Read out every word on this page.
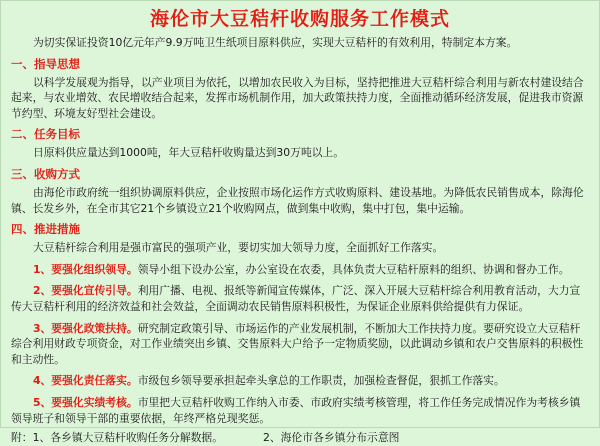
海伦市大豆秸杆收购服务工作模式

为切实保证投资10亿元年产9.9万吨卫生纸项目原料供应，实现大豆秸杆的有效利用，特制定本方案。

一、指导思想

以科学发展观为指导，以产业项目为依托，以增加农民收入为目标，坚持把推进大豆秸杆综合利用与新农村建设结合起来，与农业增效、农民增收结合起来，发挥市场机制作用，加大政策扶持力度，全面推动循环经济发展，促进我市资源节约型、环境友好型社会建设。

二、任务目标

日原料供应量达到1000吨，年大豆秸杆收购量达到30万吨以上。

三、收购方式

由海伦市政府统一组织协调原料供应，企业按照市场化运作方式收购原料、建设基地。为降低农民销售成本，除海伦镇、长发乡外，在全市其它21个乡镇设立21个收购网点，做到集中收购，集中打包，集中运输。

四、推进措施

大豆秸杆综合利用是强市富民的强项产业，要切实加大领导力度，全面抓好工作落实。

1、要强化组织领导。领导小组下设办公室，办公室设在农委，具体负责大豆秸杆原料的组织、协调和督办工作。

2、要强化宣传引导。利用广播、电视、报纸等新闻宣传媒体，广泛、深入开展大豆秸杆综合利用教育活动，大力宣传大豆秸杆利用的经济效益和社会效益，全面调动农民销售原料积极性，为保证企业原料供给提供有力保证。

3、要强化政策扶持。研究制定政策引导、市场运作的产业发展机制，不断加大工作扶持力度。要研究设立大豆秸杆综合利用财政专项资金，对工作业绩突出乡镇、交售原料大户给予一定物质奖励，以此调动乡镇和农户交售原料的积极性和主动性。

4、要强化责任落实。市级包乡领导要承担起牵头拿总的工作职责，加强检查督促，狠抓工作落实。

5、要强化实绩考核。市里把大豆秸杆收购工作纳入市委、市政府实绩考核管理，将工作任务完成情况作为考核乡镇领导班子和领导干部的重要依据，年终严格兑现奖惩。

附：1、各乡镇大豆秸杆收购任务分解数据。	2、海伦市各乡镇分布示意图
